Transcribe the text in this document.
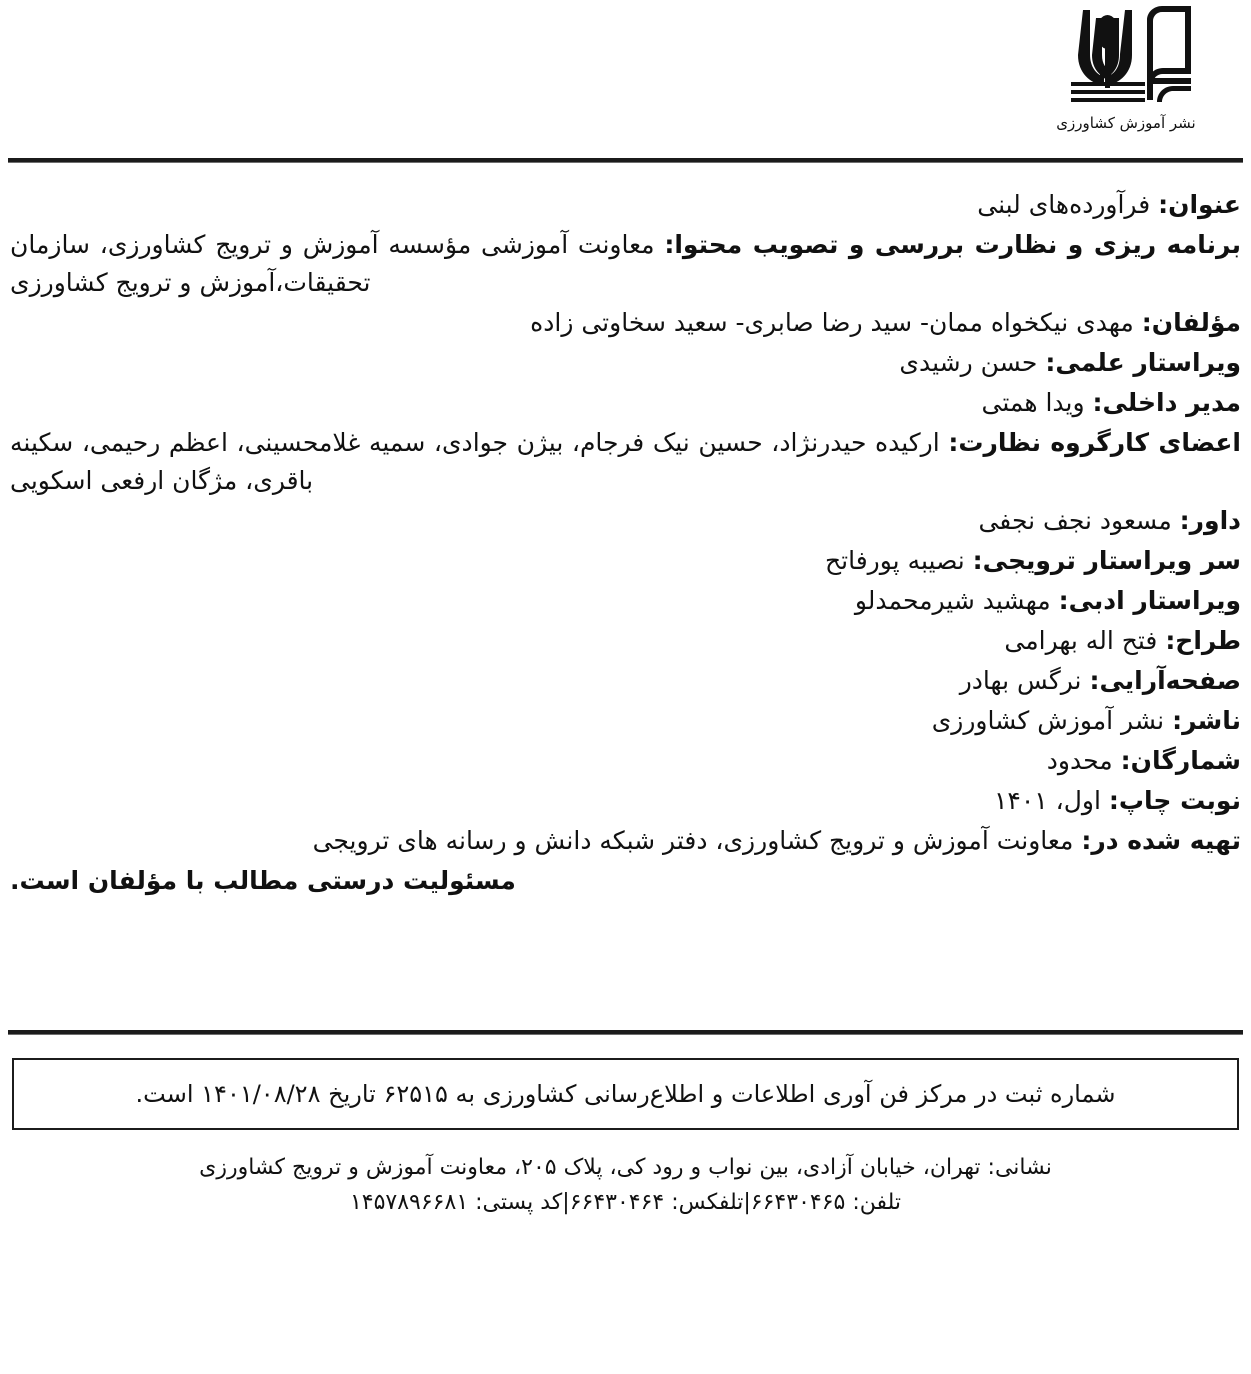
نشر آموزش کشاورزی

عنوان: فرآورده‌های لبنی

برنامه ریزی و نظارت بررسی و تصویب محتوا: معاونت آموزشی مؤسسه آموزش و ترویج کشاورزی، سازمان تحقیقات،آموزش و ترویج کشاورزی

مؤلفان: مهدی نیکخواه ممان- سید رضا صابری- سعید سخاوتی زاده

ویراستار علمی: حسن رشیدی

مدیر داخلی: ویدا همتی

اعضای کارگروه نظارت: ارکیده حیدرنژاد، حسین نیک فرجام، بیژن جوادی، سمیه غلامحسینی، اعظم رحیمی، سکینه باقری، مژگان ارفعی اسکویی

داور: مسعود نجف نجفی

سر ویراستار ترویجی: نصیبه پورفاتح

ویراستار ادبی: مهشید شیرمحمدلو

طراح: فتح اله بهرامی

صفحه‌آرایی: نرگس بهادر

ناشر: نشر آموزش کشاورزی

شمارگان: محدود

نوبت چاپ: اول، ۱۴۰۱

تهیه شده در: معاونت آموزش و ترویج کشاورزی، دفتر شبکه دانش و رسانه های ترویجی

مسئولیت درستی مطالب با مؤلفان است.

شماره ثبت در مرکز فن آوری اطلاعات و اطلاع‌رسانی کشاورزی به ۶۲۵۱۵ تاریخ ۱۴۰۱/۰۸/۲۸ است.

نشانی: تهران، خیابان آزادی، بین نواب و رود کی، پلاک ۲۰۵، معاونت آموزش و ترویج کشاورزی

تلفن: ۶۶۴۳۰۴۶۵|تلفکس: ۶۶۴۳۰۴۶۴|کد پستی: ۱۴۵۷۸۹۶۶۸۱
